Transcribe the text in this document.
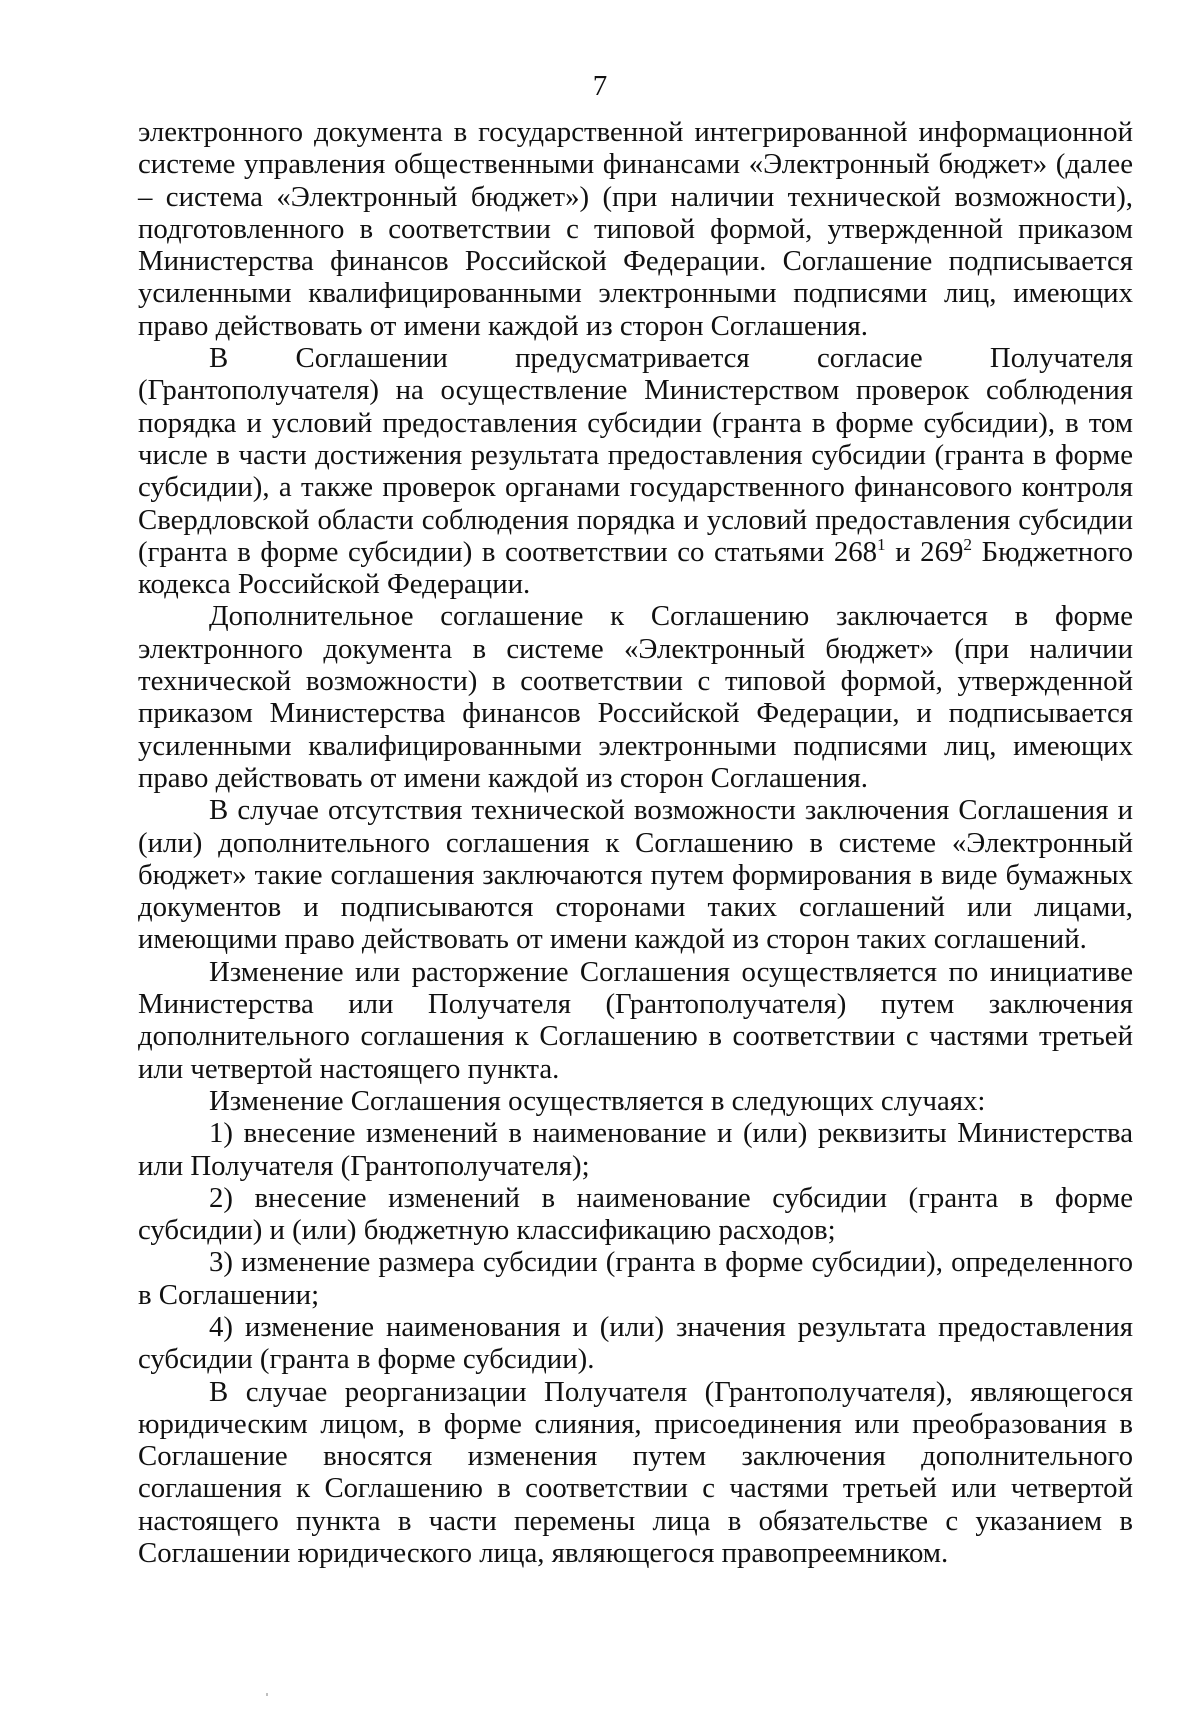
7

электронного документа в государственной интегрированной информационной системе управления общественными финансами «Электронный бюджет» (далее – система «Электронный бюджет») (при наличии технической возможности), подготовленного в соответствии с типовой формой, утвержденной приказом Министерства финансов Российской Федерации. Соглашение подписывается усиленными квалифицированными электронными подписями лиц, имеющих право действовать от имени каждой из сторон Соглашения.

В Соглашении предусматривается согласие Получателя (Грантополучателя) на осуществление Министерством проверок соблюдения порядка и условий предоставления субсидии (гранта в форме субсидии), в том числе в части достижения результата предоставления субсидии (гранта в форме субсидии), а также проверок органами государственного финансового контроля Свердловской области соблюдения порядка и условий предоставления субсидии (гранта в форме субсидии) в соответствии со статьями $268^1$ и $269^2$ Бюджетного кодекса Российской Федерации.

Дополнительное соглашение к Соглашению заключается в форме электронного документа в системе «Электронный бюджет» (при наличии технической возможности) в соответствии с типовой формой, утвержденной приказом Министерства финансов Российской Федерации, и подписывается усиленными квалифицированными электронными подписями лиц, имеющих право действовать от имени каждой из сторон Соглашения.

В случае отсутствия технической возможности заключения Соглашения и (или) дополнительного соглашения к Соглашению в системе «Электронный бюджет» такие соглашения заключаются путем формирования в виде бумажных документов и подписываются сторонами таких соглашений или лицами, имеющими право действовать от имени каждой из сторон таких соглашений.

Изменение или расторжение Соглашения осуществляется по инициативе Министерства или Получателя (Грантополучателя) путем заключения дополнительного соглашения к Соглашению в соответствии с частями третьей или четвертой настоящего пункта.

Изменение Соглашения осуществляется в следующих случаях:

1) внесение изменений в наименование и (или) реквизиты Министерства или Получателя (Грантополучателя);

2) внесение изменений в наименование субсидии (гранта в форме субсидии) и (или) бюджетную классификацию расходов;

3) изменение размера субсидии (гранта в форме субсидии), определенного в Соглашении;

4) изменение наименования и (или) значения результата предоставления субсидии (гранта в форме субсидии).

В случае реорганизации Получателя (Грантополучателя), являющегося юридическим лицом, в форме слияния, присоединения или преобразования в Соглашение вносятся изменения путем заключения дополнительного соглашения к Соглашению в соответствии с частями третьей или четвертой настоящего пункта в части перемены лица в обязательстве с указанием в Соглашении юридического лица, являющегося правопреемником.
